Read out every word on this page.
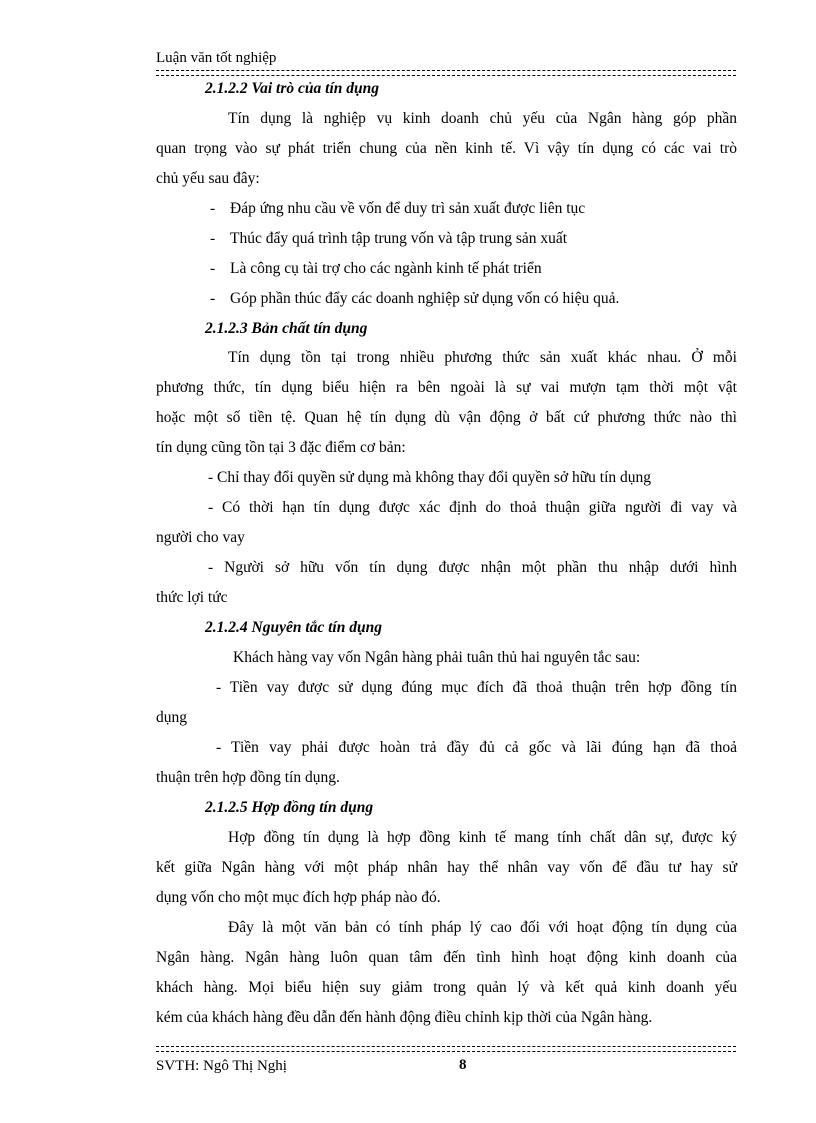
Luận văn tốt nghiệp
2.1.2.2 Vai trò của tín dụng
Tín dụng là nghiệp vụ kinh doanh chủ yếu của Ngân hàng góp phần
quan trọng vào sự phát triển chung của nền kinh tế. Vì vậy tín dụng có các vai trò
chủ yếu sau đây:
- Đáp ứng nhu cầu về vốn để duy trì sản xuất được liên tục
- Thúc đẩy quá trình tập trung vốn và tập trung sản xuất
- Là công cụ tài trợ cho các ngành kinh tế phát triển
- Góp phần thúc đẩy các doanh nghiệp sử dụng vốn có hiệu quả.
2.1.2.3 Bản chất tín dụng
Tín dụng tồn tại trong nhiều phương thức sản xuất khác nhau. Ở mỗi
phương thức, tín dụng biểu hiện ra bên ngoài là sự vai mượn tạm thời một vật
hoặc một số tiền tệ. Quan hệ tín dụng dù vận động ở bất cứ phương thức nào thì
tín dụng cũng tồn tại 3 đặc điểm cơ bản:
- Chỉ thay đổi quyền sử dụng mà không thay đổi quyền sở hữu tín dụng
- Có thời hạn tín dụng được xác định do thoả thuận giữa người đi vay và
người cho vay
- Người sở hữu vốn tín dụng được nhận một phần thu nhập dưới hình
thức lợi tức
2.1.2.4 Nguyên tắc tín dụng
Khách hàng vay vốn Ngân hàng phải tuân thủ hai nguyên tắc sau:
- Tiền vay được sử dụng đúng mục đích đã thoả thuận trên hợp đồng tín
dụng
- Tiền vay phải được hoàn trả đầy đủ cả gốc và lãi đúng hạn đã thoả
thuận trên hợp đồng tín dụng.
2.1.2.5 Hợp đồng tín dụng
Hợp đồng tín dụng là hợp đồng kinh tế mang tính chất dân sự, được ký
kết giữa Ngân hàng với một pháp nhân hay thể nhân vay vốn để đầu tư hay sử
dụng vốn cho một mục đích hợp pháp nào đó.
Đây là một văn bản có tính pháp lý cao đối với hoạt động tín dụng của
Ngân hàng. Ngân hàng luôn quan tâm đến tình hình hoạt động kinh doanh của
khách hàng. Mọi biểu hiện suy giảm trong quản lý và kết quả kinh doanh yếu
kém của khách hàng đều dẫn đến hành động điều chỉnh kịp thời của Ngân hàng.
SVTH: Ngô Thị Nghị	8
